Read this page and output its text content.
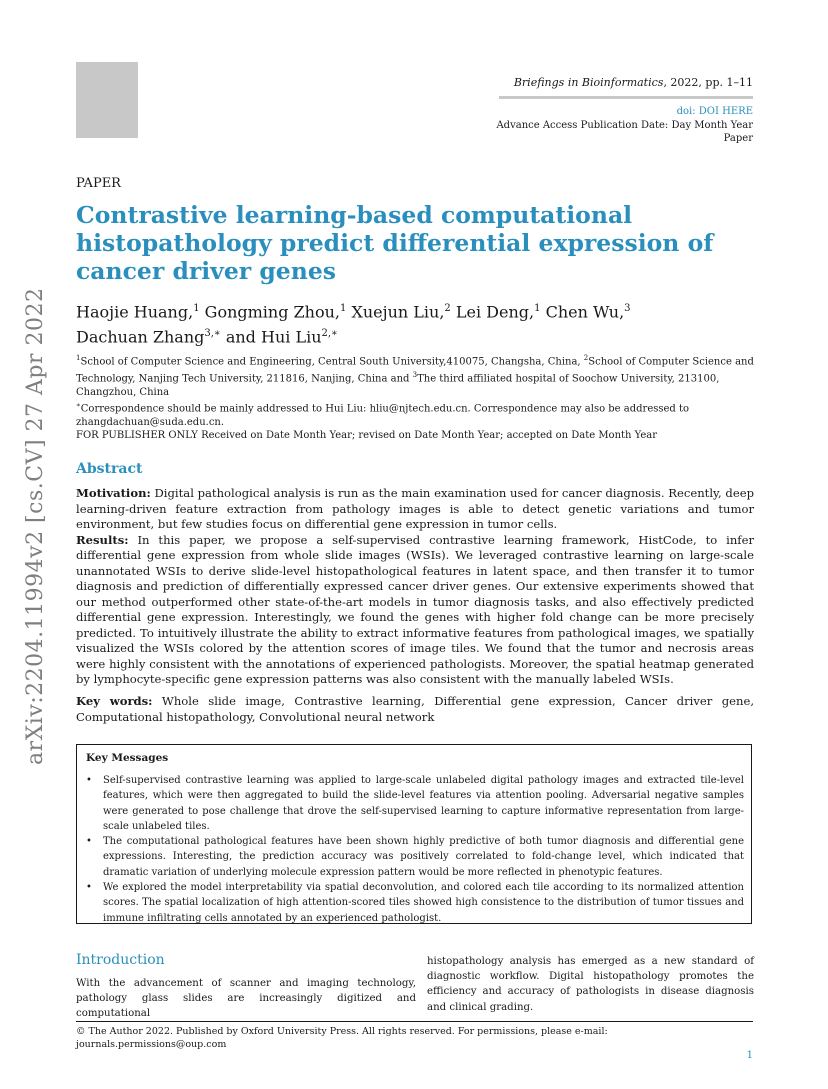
Briefings in Bioinformatics, 2022, pp. 1–11
doi: DOI HERE
Advance Access Publication Date: Day Month Year
Paper
arXiv:2204.11994v2 [cs.CV] 27 Apr 2022
PAPER
Contrastive learning-based computational histopathology predict differential expression of cancer driver genes
Haojie Huang,$^1$ Gongming Zhou,$^1$ Xuejun Liu,$^2$ Lei Deng,$^1$ Chen Wu,$^3$
Dachuan Zhang$^{3,∗}$ and Hui Liu$^{2,∗}$
$^1$School of Computer Science and Engineering, Central South University,410075, Changsha, China, $^2$School of Computer Science and Technology, Nanjing Tech University, 211816, Nanjing, China and $^3$The third affiliated hospital of Soochow University, 213100, Changzhou, China
∗Correspondence should be mainly addressed to Hui Liu: hliu@njtech.edu.cn. Correspondence may also be addressed to zhangdachuan@suda.edu.cn.
FOR PUBLISHER ONLY Received on Date Month Year; revised on Date Month Year; accepted on Date Month Year
Abstract

Motivation: Digital pathological analysis is run as the main examination used for cancer diagnosis. Recently, deep learning-driven feature extraction from pathology images is able to detect genetic variations and tumor environment, but few studies focus on differential gene expression in tumor cells.

Results: In this paper, we propose a self-supervised contrastive learning framework, HistCode, to infer differential gene expression from whole slide images (WSIs). We leveraged contrastive learning on large-scale unannotated WSIs to derive slide-level histopathological features in latent space, and then transfer it to tumor diagnosis and prediction of differentially expressed cancer driver genes. Our extensive experiments showed that our method outperformed other state-of-the-art models in tumor diagnosis tasks, and also effectively predicted differential gene expression. Interestingly, we found the genes with higher fold change can be more precisely predicted. To intuitively illustrate the ability to extract informative features from pathological images, we spatially visualized the WSIs colored by the attention scores of image tiles. We found that the tumor and necrosis areas were highly consistent with the annotations of experienced pathologists. Moreover, the spatial heatmap generated by lymphocyte-specific gene expression patterns was also consistent with the manually labeled WSIs.

Key words: Whole slide image, Contrastive learning, Differential gene expression, Cancer driver gene, Computational histopathology, Convolutional neural network
Key Messages
• Self-supervised contrastive learning was applied to large-scale unlabeled digital pathology images and extracted tile-level features, which were then aggregated to build the slide-level features via attention pooling. Adversarial negative samples were generated to pose challenge that drove the self-supervised learning to capture informative representation from large-scale unlabeled tiles.
• The computational pathological features have been shown highly predictive of both tumor diagnosis and differential gene expressions. Interesting, the prediction accuracy was positively correlated to fold-change level, which indicated that dramatic variation of underlying molecule expression pattern would be more reflected in phenotypic features.
• We explored the model interpretability via spatial deconvolution, and colored each tile according to its normalized attention scores. The spatial localization of high attention-scored tiles showed high consistence to the distribution of tumor tissues and immune infiltrating cells annotated by an experienced pathologist.
Introduction
With the advancement of scanner and imaging technology, pathology glass slides are increasingly digitized and computational
histopathology analysis has emerged as a new standard of diagnostic workflow. Digital histopathology promotes the efficiency and accuracy of pathologists in disease diagnosis and clinical grading.
© The Author 2022. Published by Oxford University Press. All rights reserved. For permissions, please e-mail: journals.permissions@oup.com
1
